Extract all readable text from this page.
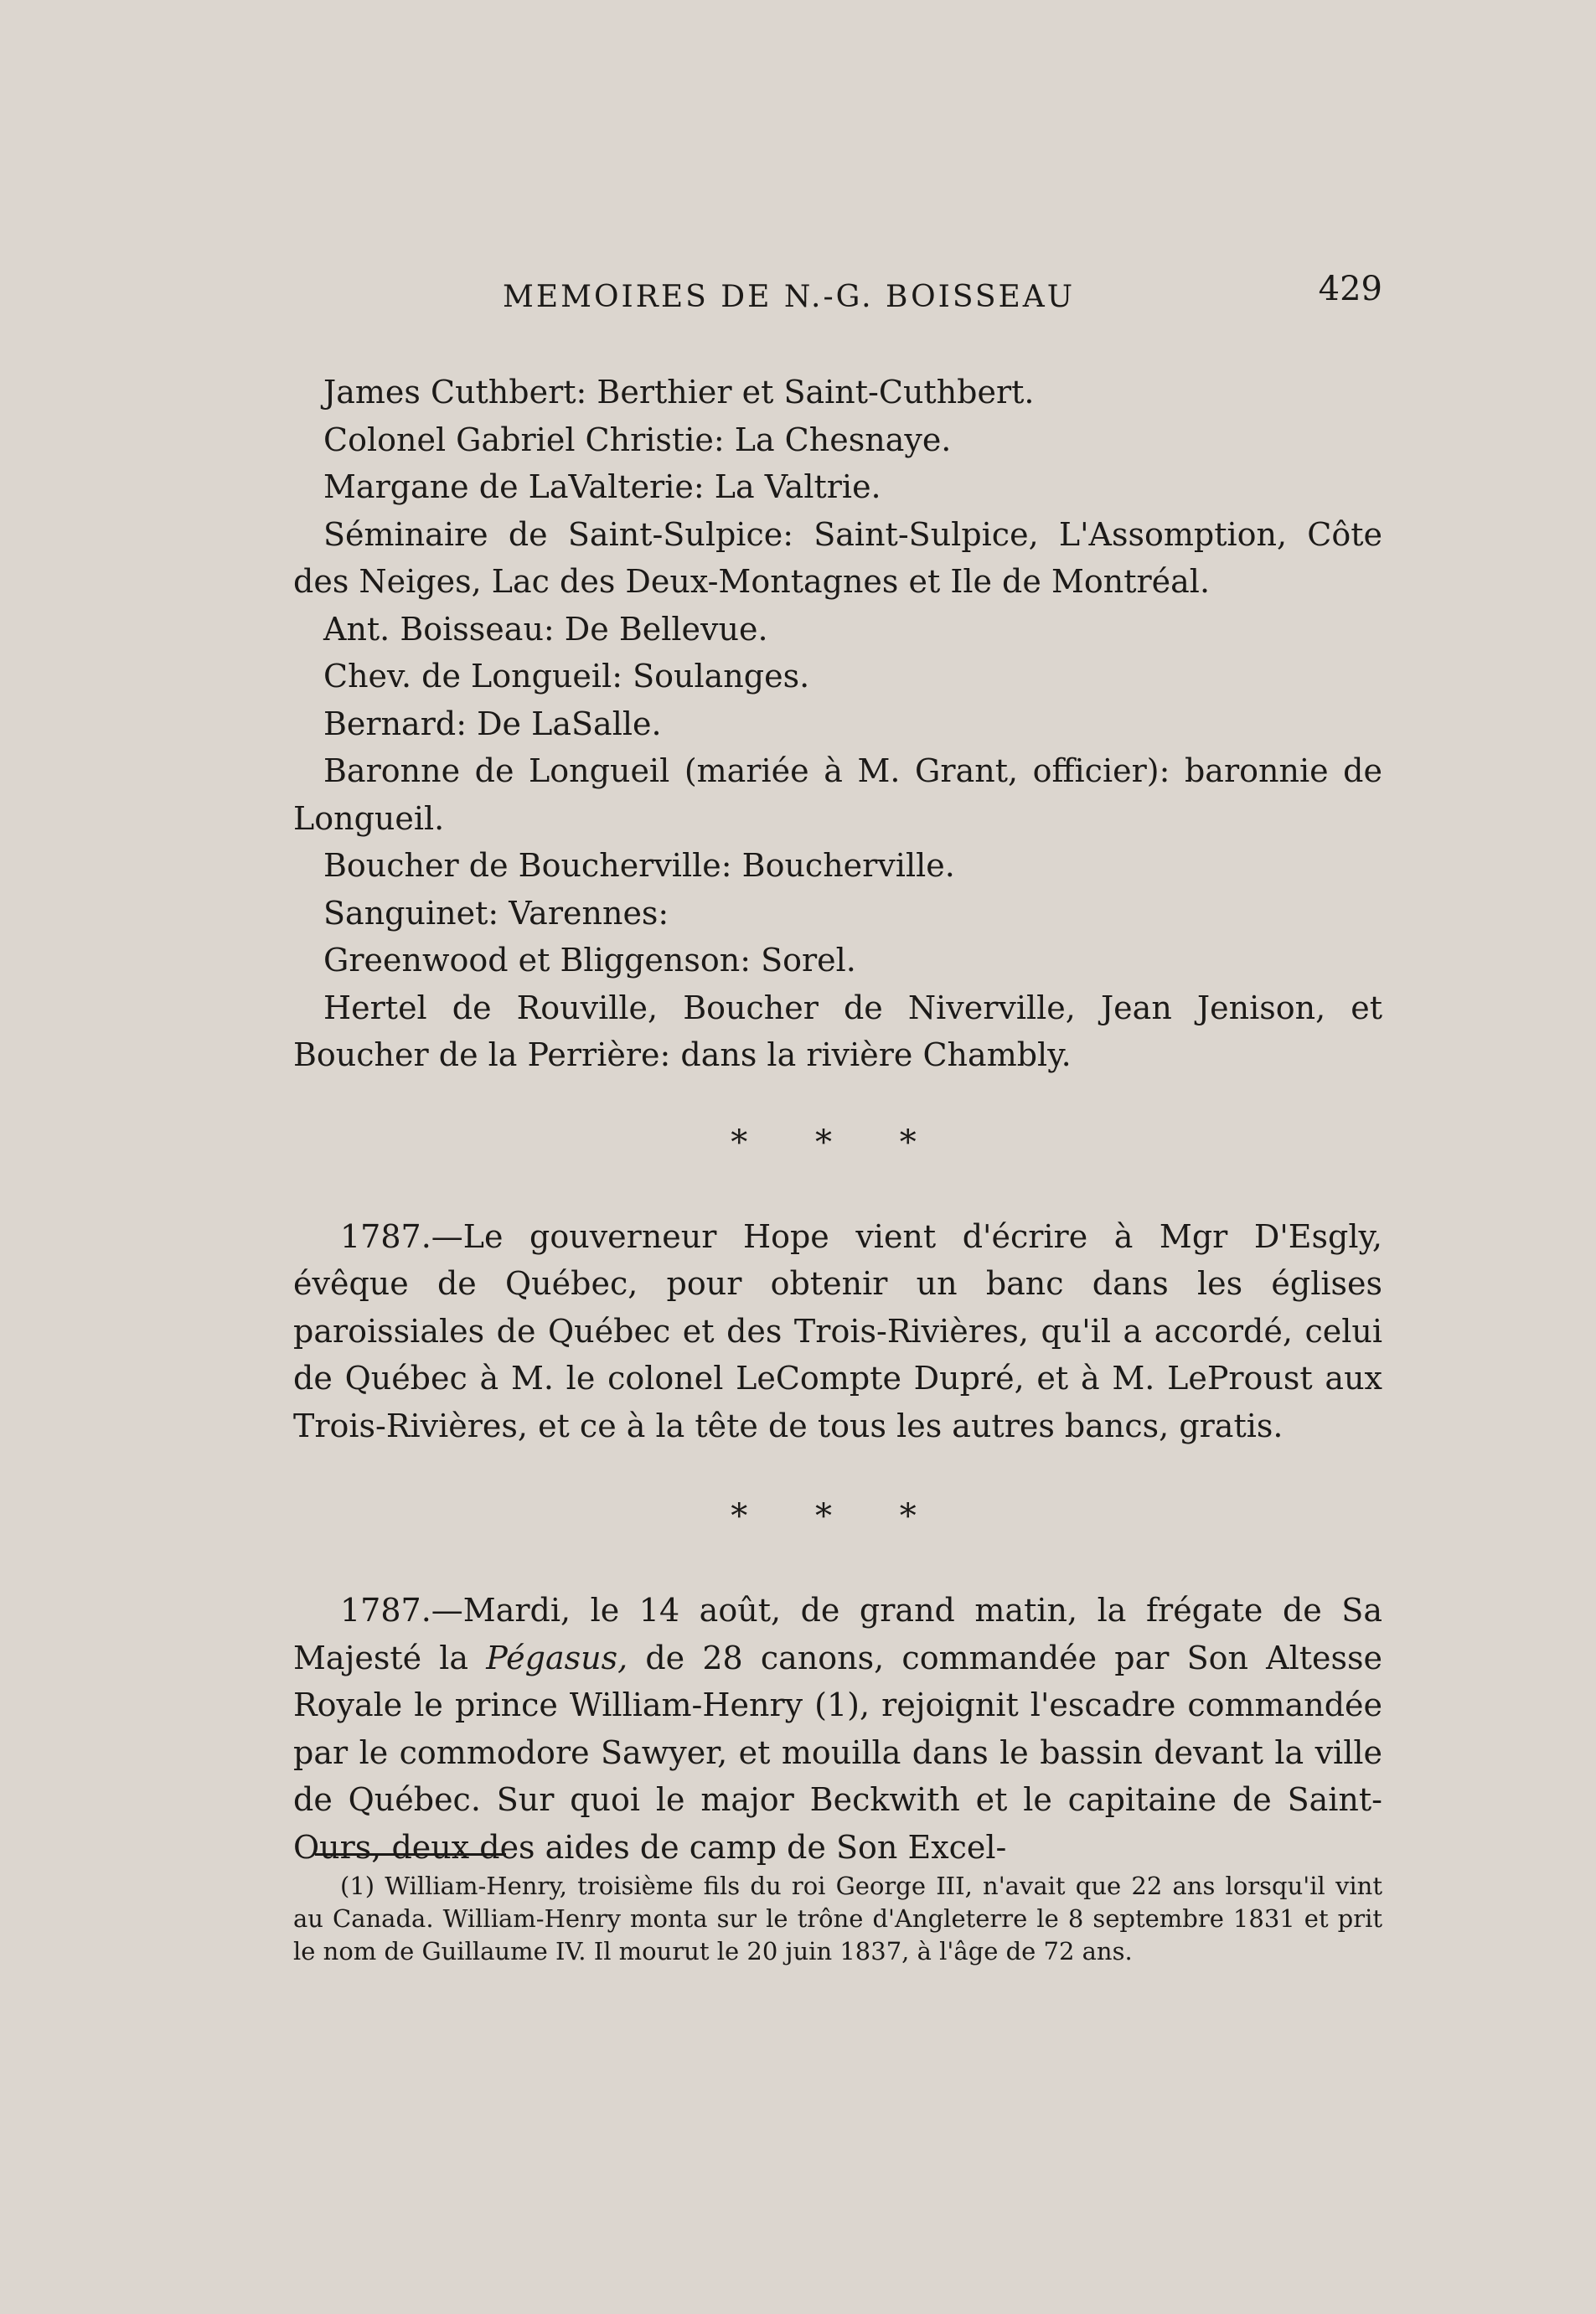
MEMOIRES DE N.-G. BOISSEAU	429
James Cuthbert: Berthier et Saint-Cuthbert.
Colonel Gabriel Christie: La Chesnaye.
Margane de LaValterie: La Valtrie.
Séminaire de Saint-Sulpice: Saint-Sulpice, L'Assomption, Côte des Neiges, Lac des Deux-Montagnes et Ile de Montréal.
Ant. Boisseau: De Bellevue.
Chev. de Longueil: Soulanges.
Bernard: De LaSalle.
Baronne de Longueil (mariée à M. Grant, officier): baronnie de Longueil.
Boucher de Boucherville: Boucherville.
Sanguinet: Varennes:
Greenwood et Bliggenson: Sorel.
Hertel de Rouville, Boucher de Niverville, Jean Jenison, et Boucher de la Perrière: dans la rivière Chambly.
* * *
1787.—Le gouverneur Hope vient d'écrire à Mgr D'Esgly, évêque de Québec, pour obtenir un banc dans les églises paroissiales de Québec et des Trois-Rivières, qu'il a accordé, celui de Québec à M. le colonel LeCompte Dupré, et à M. LeProust aux Trois-Rivières, et ce à la tête de tous les autres bancs, gratis.
* * *
1787.—Mardi, le 14 août, de grand matin, la frégate de Sa Majesté la Pégasus, de 28 canons, commandée par Son Altesse Royale le prince William-Henry (1), rejoignit l'escadre commandée par le commodore Sawyer, et mouilla dans le bassin devant la ville de Québec. Sur quoi le major Beckwith et le capitaine de Saint-Ours, deux des aides de camp de Son Excel-
(1) William-Henry, troisième fils du roi George III, n'avait que 22 ans lorsqu'il vint au Canada. William-Henry monta sur le trône d'Angleterre le 8 septembre 1831 et prit le nom de Guillaume IV. Il mourut le 20 juin 1837, à l'âge de 72 ans.
